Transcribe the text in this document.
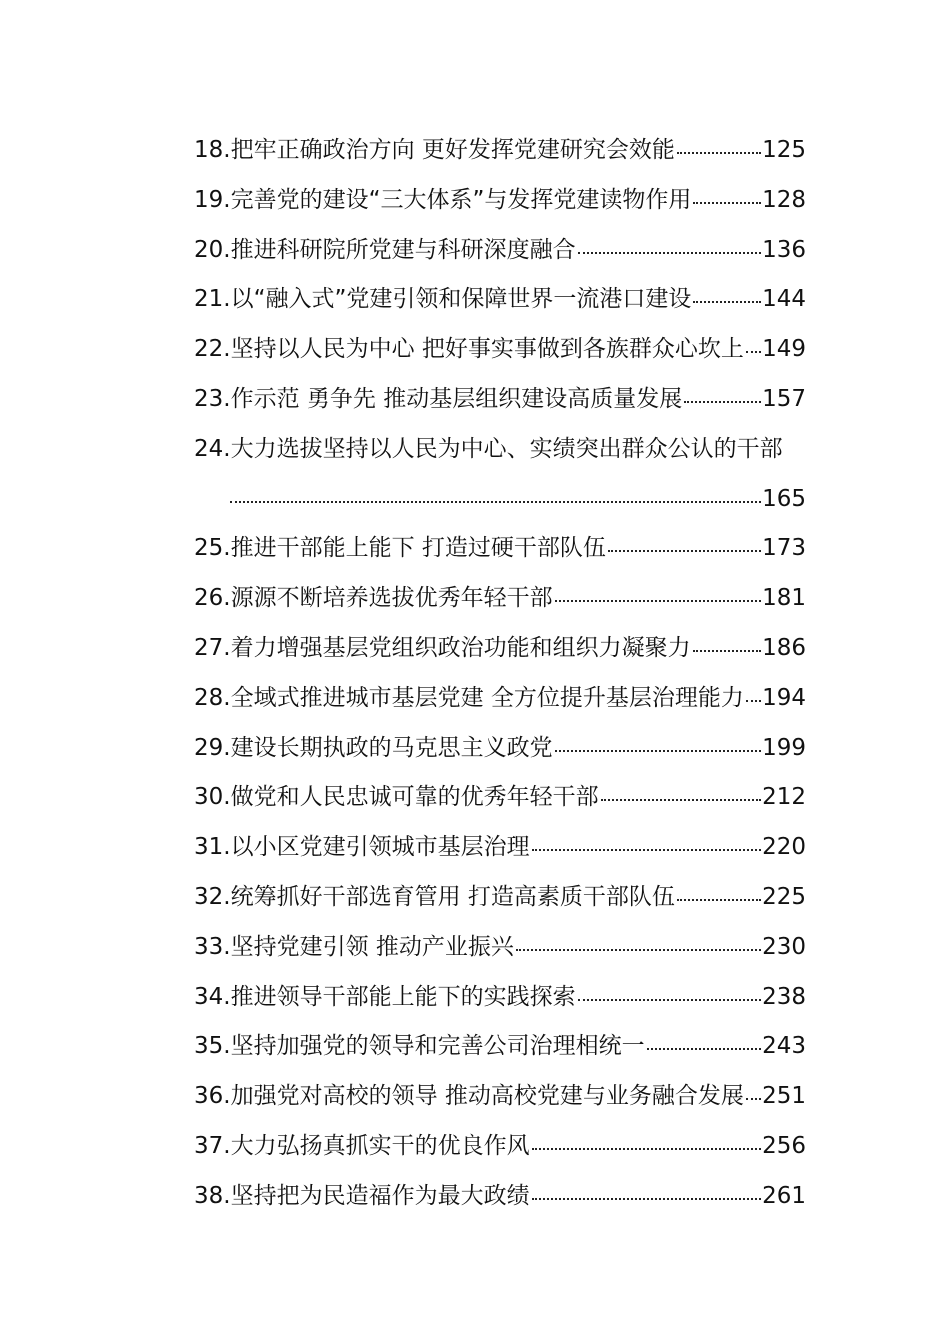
18. 把牢正确政治方向 更好发挥党建研究会效能	125
19. 完善党的建设“三大体系”与发挥党建读物作用	128
20. 推进科研院所党建与科研深度融合	136
21. 以“融入式”党建引领和保障世界一流港口建设	144
22. 坚持以人民为中心 把好事实事做到各族群众心坎上 149
23. 作示范 勇争先 推动基层组织建设高质量发展	157
24. 大力选拔坚持以人民为中心、实绩突出群众公认的干部
165
25. 推进干部能上能下 打造过硬干部队伍	173
26. 源源不断培养选拔优秀年轻干部	181
27. 着力增强基层党组织政治功能和组织力凝聚力	186
28. 全域式推进城市基层党建 全方位提升基层治理能力 194
29. 建设长期执政的马克思主义政党	199
30. 做党和人民忠诚可靠的优秀年轻干部	212
31. 以小区党建引领城市基层治理	220
32. 统筹抓好干部选育管用 打造高素质干部队伍	225
33. 坚持党建引领 推动产业振兴	230
34. 推进领导干部能上能下的实践探索	238
35. 坚持加强党的领导和完善公司治理相统一	243
36. 加强党对高校的领导 推动高校党建与业务融合发展 251
37. 大力弘扬真抓实干的优良作风	256
38. 坚持把为民造福作为最大政绩	261
